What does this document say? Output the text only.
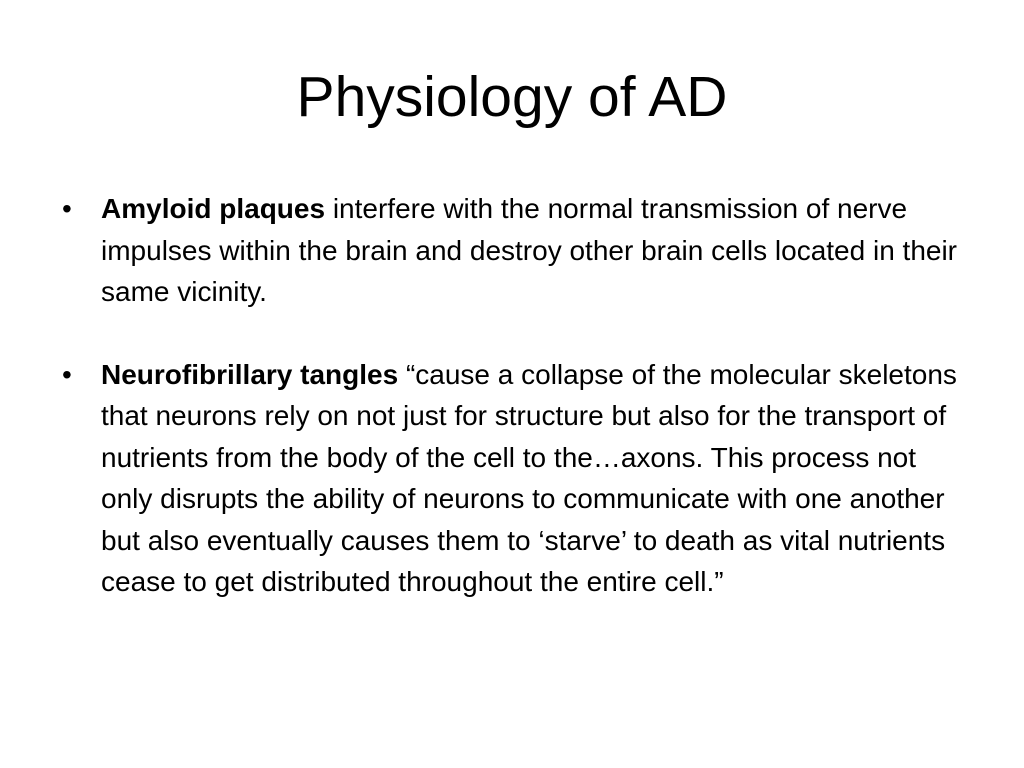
Physiology of AD
• Amyloid plaques interfere with the normal transmission of nerve impulses within the brain and destroy other brain cells located in their same vicinity.
• Neurofibrillary tangles “cause a collapse of the molecular skeletons that neurons rely on not just for structure but also for the transport of nutrients from the body of the cell to the…axons. This process not only disrupts the ability of neurons to communicate with one another but also eventually causes them to ‘starve’ to death as vital nutrients cease to get distributed throughout the entire cell.”
